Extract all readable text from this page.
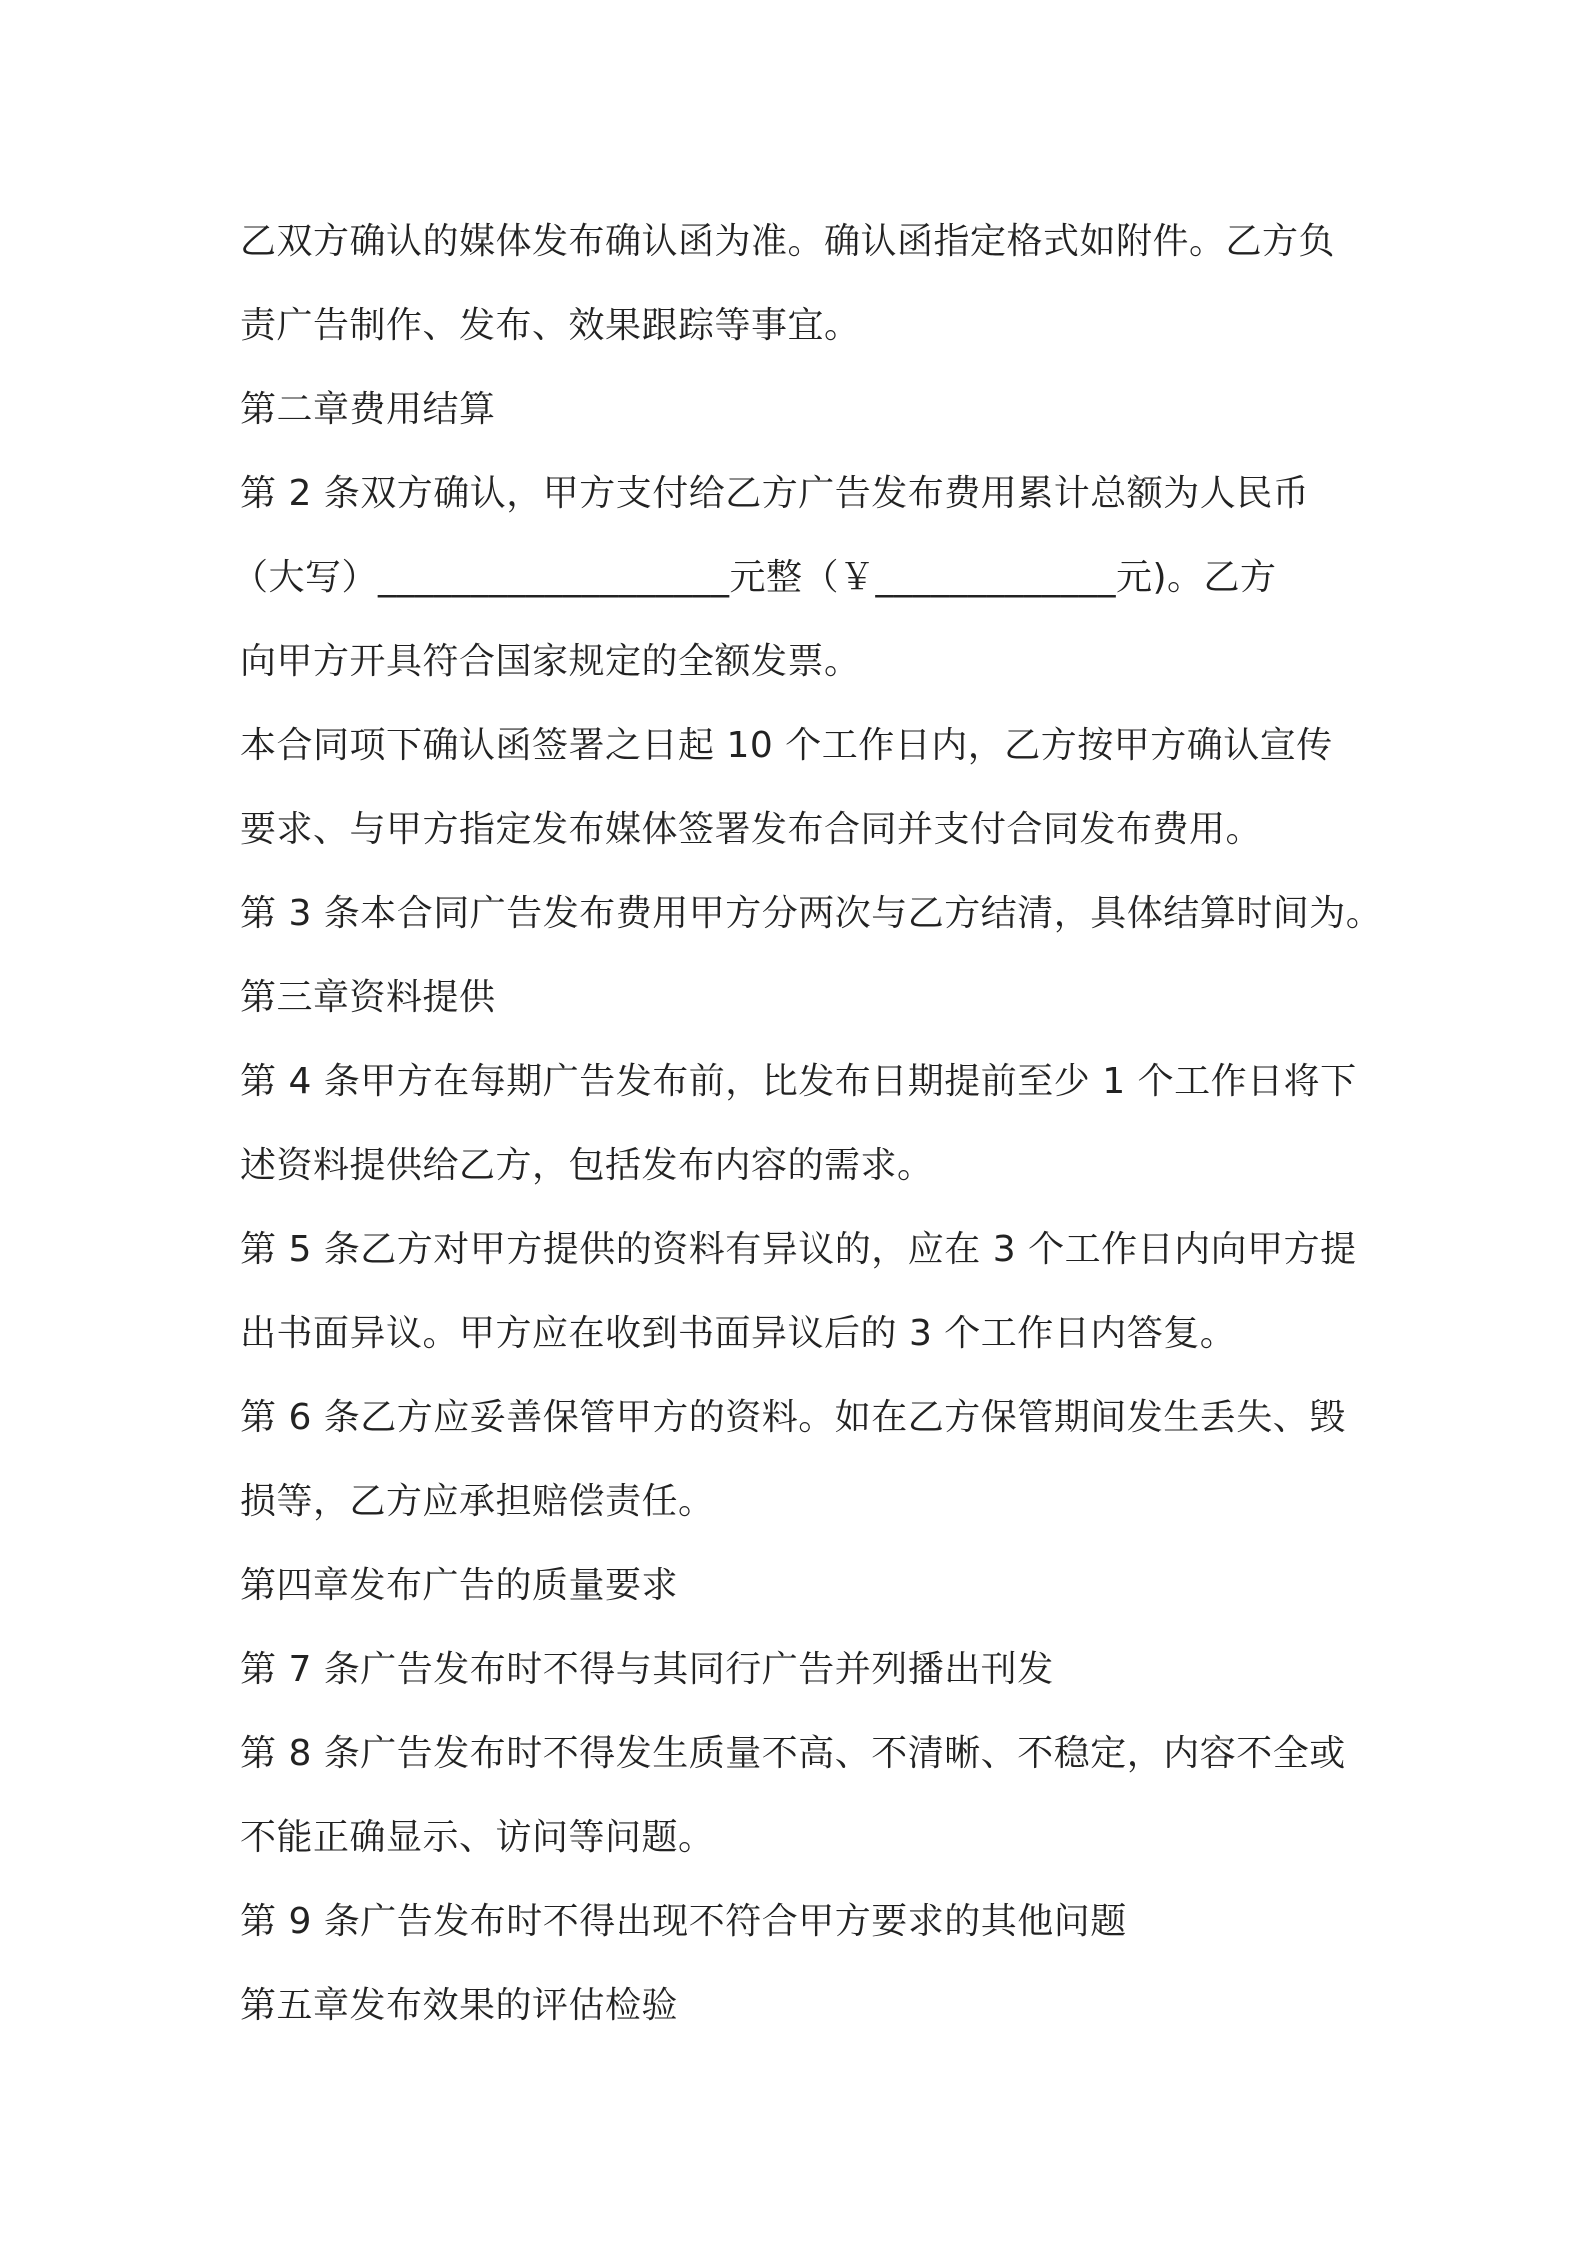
乙双方确认的媒体发布确认函为准。确认函指定格式如附件。乙方负
责广告制作、发布、效果跟踪等事宜。
第二章费用结算
第 2 条双方确认，甲方支付给乙方广告发布费用累计总额为人民币
（大写）___________________元整（￥_____________元)。乙方
向甲方开具符合国家规定的全额发票。
本合同项下确认函签署之日起 10 个工作日内，乙方按甲方确认宣传
要求、与甲方指定发布媒体签署发布合同并支付合同发布费用。
第 3 条本合同广告发布费用甲方分两次与乙方结清，具体结算时间为。
第三章资料提供
第 4 条甲方在每期广告发布前，比发布日期提前至少 1 个工作日将下
述资料提供给乙方，包括发布内容的需求。
第 5 条乙方对甲方提供的资料有异议的，应在 3 个工作日内向甲方提
出书面异议。甲方应在收到书面异议后的 3 个工作日内答复。
第 6 条乙方应妥善保管甲方的资料。如在乙方保管期间发生丢失、毁
损等，乙方应承担赔偿责任。
第四章发布广告的质量要求
第 7 条广告发布时不得与其同行广告并列播出刊发
第 8 条广告发布时不得发生质量不高、不清晰、不稳定，内容不全或
不能正确显示、访问等问题。
第 9 条广告发布时不得出现不符合甲方要求的其他问题
第五章发布效果的评估检验
